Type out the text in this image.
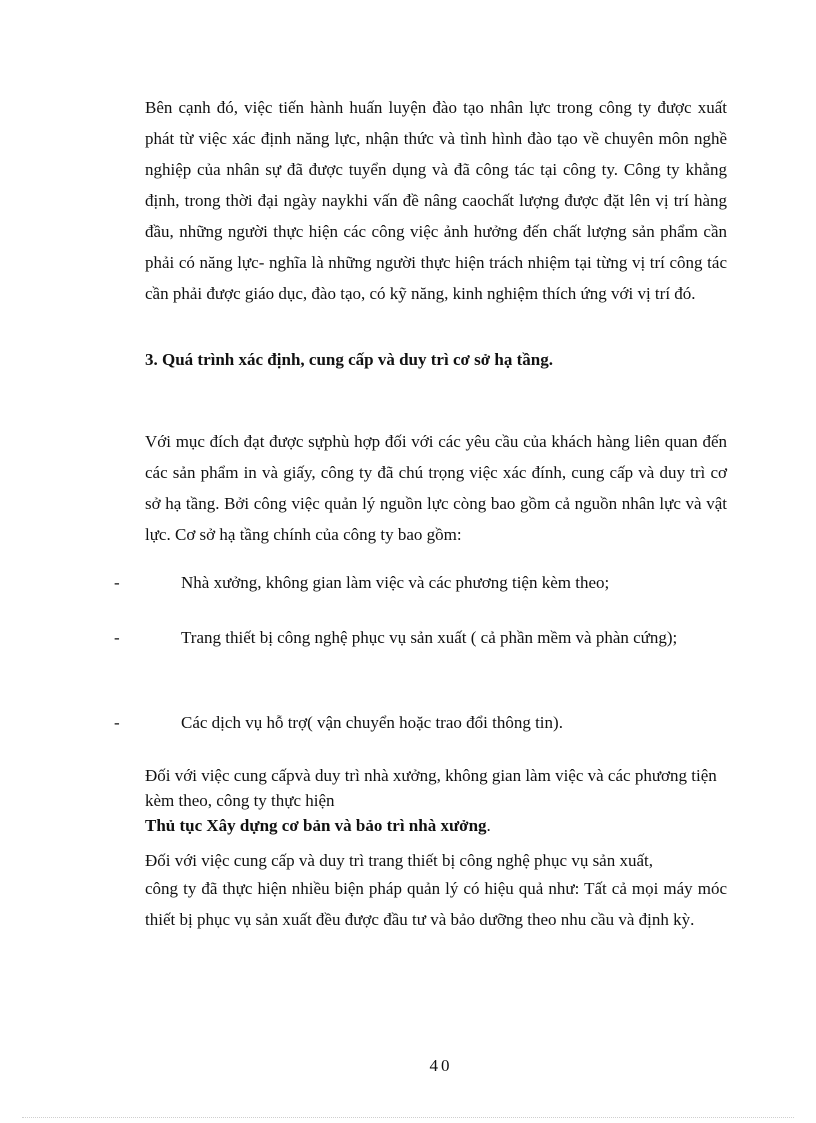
Bên cạnh đó, việc tiến hành huấn luyện đào tạo nhân lực trong công ty được xuất phát từ việc xác định năng lực, nhận thức và tình hình đào tạo về chuyên môn nghề nghiệp của nhân sự đã được tuyển dụng và đã công tác tại công ty. Công ty khẳng định, trong thời đại ngày naykhi vấn đề nâng caochất lượng được đặt lên vị trí hàng đầu, những người thực hiện các công việc ảnh hưởng đến chất lượng sản phẩm cần phải có năng lực- nghĩa là những người thực hiện trách nhiệm tại từng vị trí công tác cần phải được giáo dục, đào tạo, có kỹ năng, kinh nghiệm thích ứng với vị trí đó.

3. Quá trình xác định, cung cấp và duy trì cơ sở hạ tầng.

Với mục đích đạt được sựphù hợp đối với các yêu cầu của khách hàng liên quan đến các sản phẩm in và giấy, công ty đã chú trọng việc xác đính, cung cấp và duy trì cơ sở hạ tầng. Bởi công việc quản lý nguồn lực còng bao gồm cả nguồn nhân lực và vật lực. Cơ sở hạ tầng chính của công ty bao gồm:

-	Nhà xưởng, không gian làm việc và các phương tiện kèm theo;
-	Trang thiết bị công nghệ phục vụ sản xuất ( cả phần mềm và phàn cứng);
-	Các dịch vụ hỗ trợ( vận chuyển hoặc trao đổi thông tin).
Đối với việc cung cấpvà duy trì nhà xưởng, không gian làm việc và các phương tiện kèm theo, công ty thực hiện
Thủ tục Xây dựng cơ bản và bảo trì nhà xưởng.
Đối với việc cung cấp và duy trì trang thiết bị công nghệ phục vụ sản xuất,
công ty đã thực hiện nhiều biện pháp quản lý có hiệu quả như: Tất cả mọi máy móc thiết bị phục vụ sản xuất đều được đầu tư và bảo dưỡng theo nhu cầu và định kỳ.
40
